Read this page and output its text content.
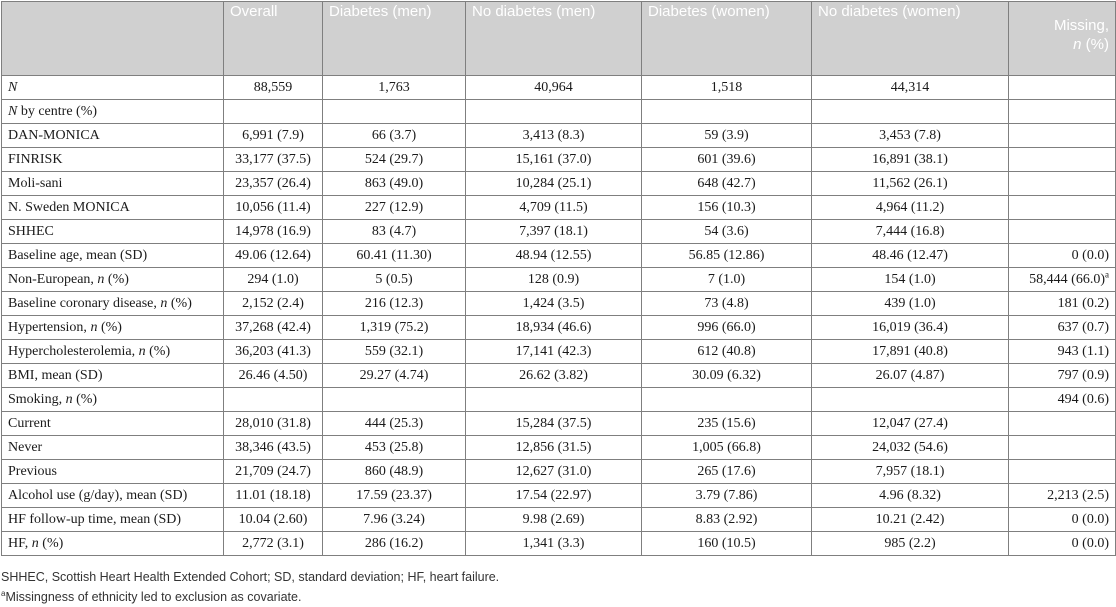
	Overall	Diabetes (men)	No diabetes (men)	Diabetes (women)	No diabetes (women)	Missing,
n (%)
N	88,559	1,763	40,964	1,518	44,314	
N by centre (%)						
DAN-MONICA	6,991 (7.9)	66 (3.7)	3,413 (8.3)	59 (3.9)	3,453 (7.8)	
FINRISK	33,177 (37.5)	524 (29.7)	15,161 (37.0)	601 (39.6)	16,891 (38.1)	
Moli-sani	23,357 (26.4)	863 (49.0)	10,284 (25.1)	648 (42.7)	11,562 (26.1)	
N. Sweden MONICA	10,056 (11.4)	227 (12.9)	4,709 (11.5)	156 (10.3)	4,964 (11.2)	
SHHEC	14,978 (16.9)	83 (4.7)	7,397 (18.1)	54 (3.6)	7,444 (16.8)	
Baseline age, mean (SD)	49.06 (12.64)	60.41 (11.30)	48.94 (12.55)	56.85 (12.86)	48.46 (12.47)	0 (0.0)
Non-European, n (%)	294 (1.0)	5 (0.5)	128 (0.9)	7 (1.0)	154 (1.0)	58,444 $(66.0)^a$
Baseline coronary disease, n (%)	2,152 (2.4)	216 (12.3)	1,424 (3.5)	73 (4.8)	439 (1.0)	181 (0.2)
Hypertension, n (%)	37,268 (42.4)	1,319 (75.2)	18,934 (46.6)	996 (66.0)	16,019 (36.4)	637 (0.7)
Hypercholesterolemia, n (%)	36,203 (41.3)	559 (32.1)	17,141 (42.3)	612 (40.8)	17,891 (40.8)	943 (1.1)
BMI, mean (SD)	26.46 (4.50)	29.27 (4.74)	26.62 (3.82)	30.09 (6.32)	26.07 (4.87)	797 (0.9)
Smoking, n (%)						494 (0.6)
Current	28,010 (31.8)	444 (25.3)	15,284 (37.5)	235 (15.6)	12,047 (27.4)	
Never	38,346 (43.5)	453 (25.8)	12,856 (31.5)	1,005 (66.8)	24,032 (54.6)	
Previous	21,709 (24.7)	860 (48.9)	12,627 (31.0)	265 (17.6)	7,957 (18.1)	
Alcohol use (g/day), mean (SD)	11.01 (18.18)	17.59 (23.37)	17.54 (22.97)	3.79 (7.86)	4.96 (8.32)	2,213 (2.5)
HF follow-up time, mean (SD)	10.04 (2.60)	7.96 (3.24)	9.98 (2.69)	8.83 (2.92)	10.21 (2.42)	0 (0.0)
HF, n (%)	2,772 (3.1)	286 (16.2)	1,341 (3.3)	160 (10.5)	985 (2.2)	0 (0.0)
SHHEC, Scottish Heart Health Extended Cohort; SD, standard deviation; HF, heart failure.
$^a$Missingness of ethnicity led to exclusion as covariate.
